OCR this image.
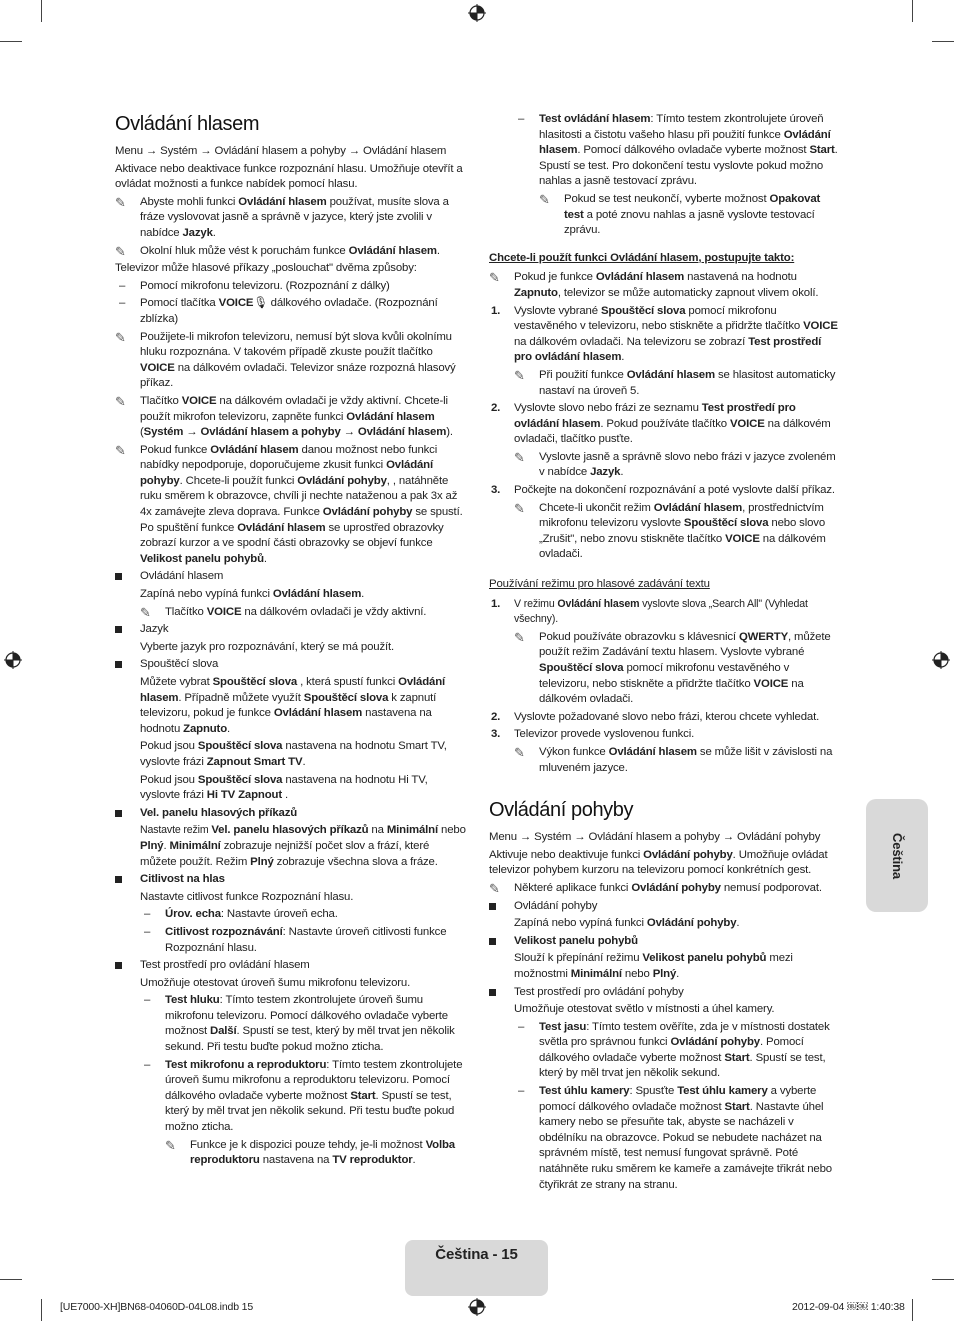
Ovládání hlasem

Menu → Systém → Ovládání hlasem a pohyby → Ovládání hlasem

Aktivace nebo deaktivace funkce rozpoznání hlasu. Umožňuje otevřít a ovládat možnosti a funkce nabídek pomocí hlasu.

✎ Abyste mohli funkci Ovládání hlasem používat, musíte slova a fráze vyslovovat jasně a správně v jazyce, který jste zvolili v nabídce Jazyk.
✎ Okolní hluk může vést k poruchám funkce Ovládání hlasem.

Televizor může hlasové příkazy „poslouchat" dvěma způsoby:

– Pomocí mikrofonu televizoru. (Rozpoznání z dálky)
– Pomocí tlačítka VOICE🎙︎ dálkového ovladače. (Rozpoznání zblízka)
✎ Použijete-li mikrofon televizoru, nemusí být slova kvůli okolnímu hluku rozpoznána. V takovém případě zkuste použít tlačítko VOICE na dálkovém ovladači. Televizor snáze rozpozná hlasový příkaz.
✎ Tlačítko VOICE na dálkovém ovladači je vždy aktivní. Chcete-li použít mikrofon televizoru, zapněte funkci Ovládání hlasem (Systém → Ovládání hlasem a pohyby → Ovládání hlasem).
✎ Pokud funkce Ovládání hlasem danou možnost nebo funkci nabídky nepodporuje, doporučujeme zkusit funkci Ovládání pohyby. Chcete-li použít funkci Ovládání pohyby, , natáhněte ruku směrem k obrazovce, chvíli ji nechte nataženou a pak 3x až 4x zamávejte zleva doprava. Funkce Ovládání pohyby se spustí. Po spuštění funkce Ovládání hlasem se uprostřed obrazovky zobrazí kurzor a ve spodní části obrazovky se objeví funkce Velikost panelu pohybů.
Ovládání hlasem

Zapíná nebo vypíná funkci Ovládání hlasem.

✎ Tlačítko VOICE na dálkovém ovladači je vždy aktivní.
Jazyk

Vyberte jazyk pro rozpoznávání, který se má použít.

Spouštěcí slova

Můžete vybrat Spouštěcí slova , která spustí funkci Ovládání hlasem. Případně můžete využít Spouštěcí slova k zapnutí televizoru, pokud je funkce Ovládání hlasem nastavena na hodnotu Zapnuto.

Pokud jsou Spouštěcí slova nastavena na hodnotu Smart TV, vyslovte frázi Zapnout Smart TV.

Pokud jsou Spouštěcí slova nastavena na hodnotu Hi TV, vyslovte frázi Hi TV Zapnout .

Vel. panelu hlasových příkazů

Nastavte režim Vel. panelu hlasových příkazů na Minimální nebo Plný. Minimální zobrazuje nejnižší počet slov a frází, které můžete použít. Režim Plný zobrazuje všechna slova a fráze.

Citlivost na hlas

Nastavte citlivost funkce Rozpoznání hlasu.

– Úrov. echa: Nastavte úroveň echa.
– Citlivost rozpoznávání: Nastavte úroveň citlivosti funkce Rozpoznání hlasu.
Test prostředí pro ovládání hlasem

Umožňuje otestovat úroveň šumu mikrofonu televizoru.

– Test hluku: Tímto testem zkontrolujete úroveň šumu mikrofonu televizoru. Pomocí dálkového ovladače vyberte možnost Další. Spustí se test, který by měl trvat jen několik sekund. Při testu buďte pokud možno zticha.
– Test mikrofonu a reproduktoru: Tímto testem zkontrolujete úroveň šumu mikrofonu a reproduktoru televizoru. Pomocí dálkového ovladače vyberte možnost Start. Spustí se test, který by měl trvat jen několik sekund. Při testu buďte pokud možno zticha.
✎ Funkce je k dispozici pouze tehdy, je-li možnost Volba reproduktoru nastavena na TV reproduktor.
– Test ovládání hlasem: Tímto testem zkontrolujete úroveň hlasitosti a čistotu vašeho hlasu při použití funkce Ovládání hlasem. Pomocí dálkového ovladače vyberte možnost Start. Spustí se test. Pro dokončení testu vyslovte pokud možno nahlas a jasně testovací zprávu.
✎ Pokud se test neukončí, vyberte možnost Opakovat test a poté znovu nahlas a jasně vyslovte testovací zprávu.
Chcete-li použít funkci Ovládání hlasem, postupujte takto:
✎ Pokud je funkce Ovládání hlasem nastavená na hodnotu Zapnuto, televizor se může automaticky zapnout vlivem okolí.
1. Vyslovte vybrané Spouštěcí slova pomocí mikrofonu vestavěného v televizoru, nebo stiskněte a přidržte tlačítko VOICE na dálkovém ovladači. Na televizoru se zobrazí Test prostředí pro ovládání hlasem.
✎ Při použití funkce Ovládání hlasem se hlasitost automaticky nastaví na úroveň 5.
2. Vyslovte slovo nebo frázi ze seznamu Test prostředí pro ovládání hlasem. Pokud používáte tlačítko VOICE na dálkovém ovladači, tlačítko pusťte.
✎ Vyslovte jasně a správně slovo nebo frázi v jazyce zvoleném v nabídce Jazyk.
3. Počkejte na dokončení rozpoznávání a poté vyslovte další příkaz.
✎ Chcete-li ukončit režim Ovládání hlasem, prostřednictvím mikrofonu televizoru vyslovte Spouštěcí slova nebo slovo „Zrušit", nebo znovu stiskněte tlačítko VOICE na dálkovém ovladači.
Používání režimu pro hlasové zadávání textu
1. V režimu Ovládání hlasem vyslovte slova „Search All" (Vyhledat všechny).
✎ Pokud používáte obrazovku s klávesnicí QWERTY, můžete použít režim Zadávání textu hlasem. Vyslovte vybrané Spouštěcí slova pomocí mikrofonu vestavěného v televizoru, nebo stiskněte a přidržte tlačítko VOICE na dálkovém ovladači.
2. Vyslovte požadované slovo nebo frázi, kterou chcete vyhledat.
3. Televizor provede vyslovenou funkci.
✎ Výkon funkce Ovládání hlasem se může lišit v závislosti na mluveném jazyce.
Ovládání pohyby

Menu → Systém → Ovládání hlasem a pohyby → Ovládání pohyby

Aktivuje nebo deaktivuje funkci Ovládání pohyby. Umožňuje ovládat televizor pohybem kurzoru na televizoru pomocí konkrétních gest.

✎ Některé aplikace funkci Ovládání pohyby nemusí podporovat.
Ovládání pohyby

Zapíná nebo vypíná funkci Ovládání pohyby.

Velikost panelu pohybů

Slouží k přepínání režimu Velikost panelu pohybů mezi možnostmi Minimální nebo Plný.

Test prostředí pro ovládání pohyby

Umožňuje otestovat světlo v místnosti a úhel kamery.

– Test jasu: Tímto testem ověříte, zda je v místnosti dostatek světla pro správnou funkci Ovládání pohyby. Pomocí dálkového ovladače vyberte možnost Start. Spustí se test, který by měl trvat jen několik sekund.
– Test úhlu kamery: Spusťte Test úhlu kamery a vyberte pomocí dálkového ovladače možnost Start. Nastavte úhel kamery nebo se přesuňte tak, abyste se nacházeli v obdélníku na obrazovce. Pokud se nebudete nacházet na správném místě, test nemusí fungovat správně. Poté natáhněte ruku směrem ke kameře a zamávejte třikrát nebo čtyřikrát ze strany na stranu.
Čeština
Čeština - 15
[UE7000-XH]BN68-04060D-04L08.indb 15	2012-09-04 ￼￼ 1:40:38
